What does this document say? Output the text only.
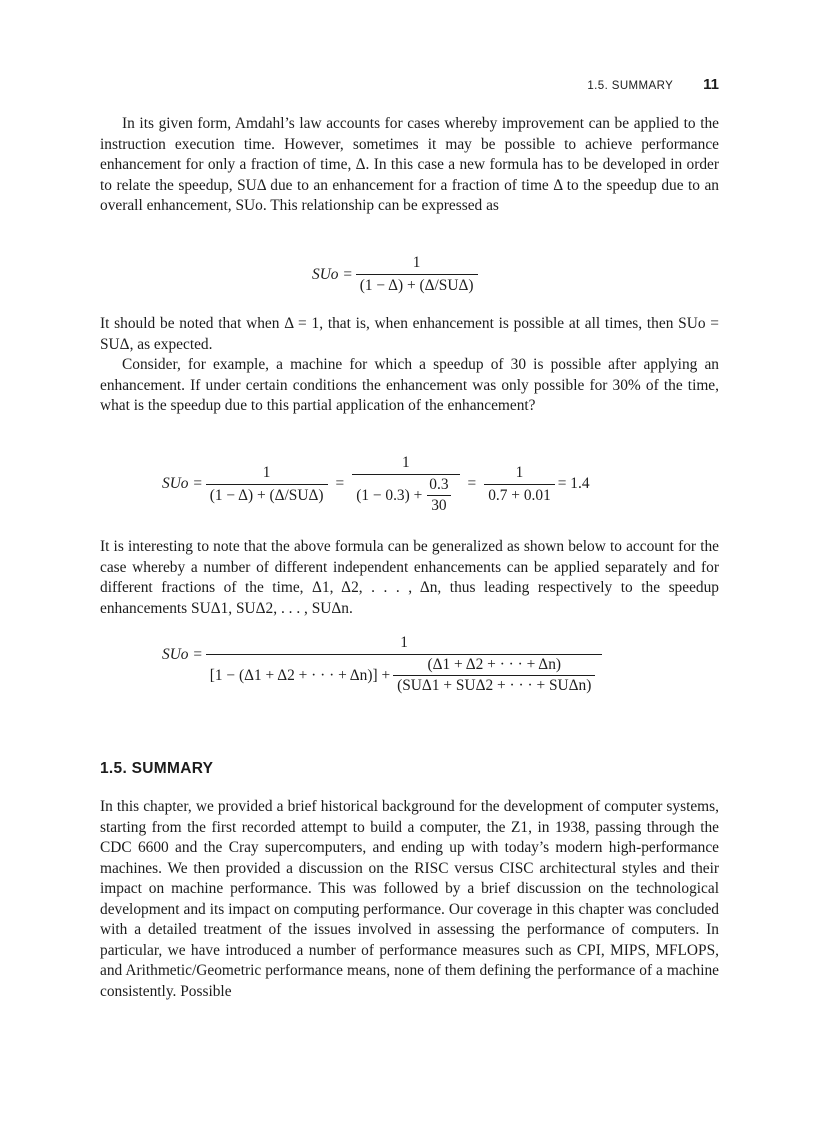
1.5. SUMMARY 11

In its given form, Amdahl’s law accounts for cases whereby improvement can be applied to the instruction execution time. However, sometimes it may be possible to achieve performance enhancement for only a fraction of time, Δ. In this case a new formula has to be developed in order to relate the speedup, SUΔ due to an enhancement for a fraction of time Δ to the speedup due to an overall enhancement, SUo. This relationship can be expressed as

SUo = $\frac{1}{\text{(1 − Δ) + (Δ/SUΔ)}}$

It should be noted that when Δ = 1, that is, when enhancement is possible at all times, then SUo = SUΔ, as expected.

Consider, for example, a machine for which a speedup of 30 is possible after applying an enhancement. If under certain conditions the enhancement was only possible for 30% of the time, what is the speedup due to this partial application of the enhancement?

SUo = $\frac{1}{\text{(1 − Δ) + (Δ/SUΔ)}} = \frac{1}{(1 - 0.3) + \frac{0.3}{30}} = \frac{1}{0.7 + 0.01} = 1.4$

It is interesting to note that the above formula can be generalized as shown below to account for the case whereby a number of different independent enhancements can be applied separately and for different fractions of the time, Δ1, Δ2, . . . , Δn, thus leading respectively to the speedup enhancements SUΔ1, SUΔ2, . . . , SUΔn.

SUo =
1
[1 − (Δ1 + Δ2 + · · · + $\Delta n)] + \frac{(\Delta 1 + \Delta 2 + \cdot \cdot \cdot + \Delta n)}{\text{(SUΔ1 + SUΔ2 + · · · + SUΔn)}}$
1.5. SUMMARY

In this chapter, we provided a brief historical background for the development of computer systems, starting from the first recorded attempt to build a computer, the Z1, in 1938, passing through the CDC 6600 and the Cray supercomputers, and ending up with today’s modern high-performance machines. We then provided a discussion on the RISC versus CISC architectural styles and their impact on machine performance. This was followed by a brief discussion on the technological development and its impact on computing performance. Our coverage in this chapter was concluded with a detailed treatment of the issues involved in assessing the performance of computers. In particular, we have introduced a number of performance measures such as CPI, MIPS, MFLOPS, and Arithmetic/Geometric performance means, none of them defining the performance of a machine consistently. Possible
